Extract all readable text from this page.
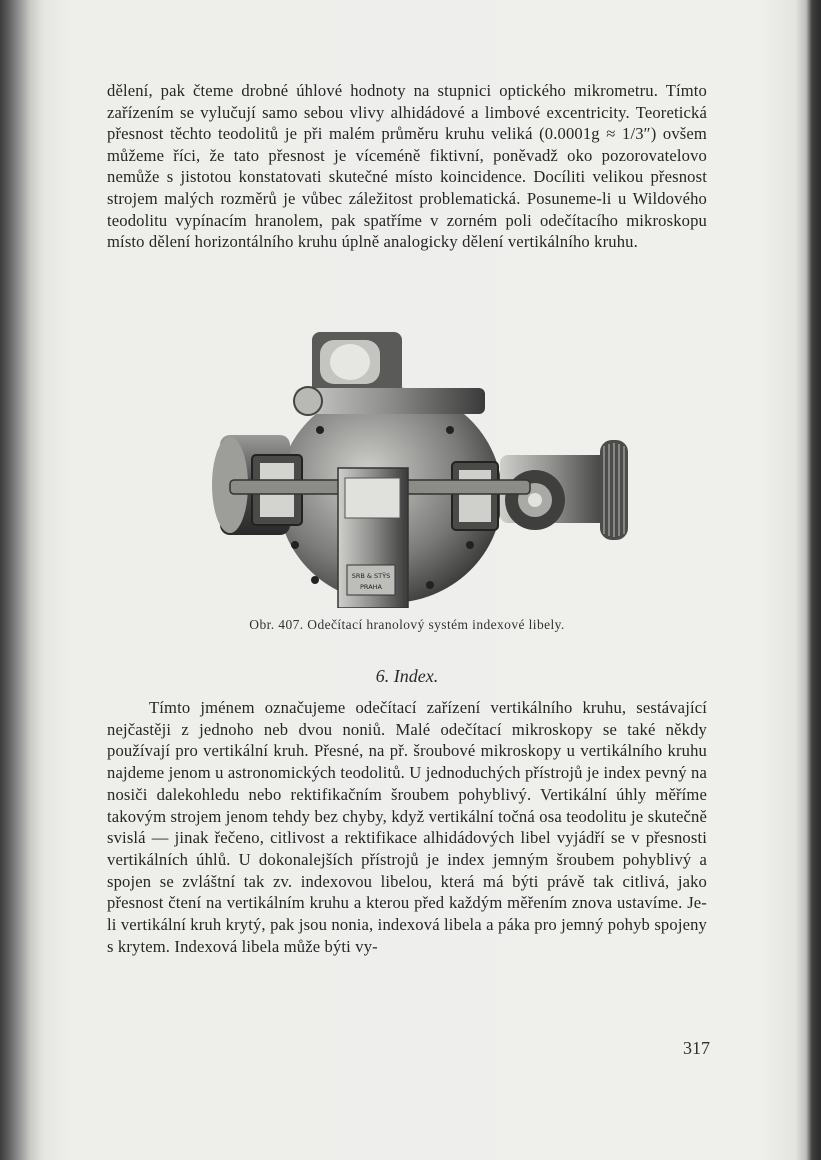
dělení, pak čteme drobné úhlové hodnoty na stupnici optického mikrometru. Tímto zařízením se vylučují samo sebou vlivy alhidádové a limbové excentricity. Teoretická přesnost těchto teodolitů je při malém průměru kruhu veliká (0.0001g ≈ 1/3″) ovšem můžeme říci, že tato přesnost je víceméně fiktivní, poněvadž oko pozorovatelovo nemůže s jistotou konstatovati skutečné místo koincidence. Docíliti velikou přesnost strojem malých rozměrů je vůbec záležitost problematická. Posuneme-li u Wildového teodolitu vypínacím hranolem, pak spatříme v zorném poli odečítacího mikroskopu místo dělení horizontálního kruhu úplně analogicky dělení vertikálního kruhu.

SRB & STŸS
PRAHA
Obr. 407. Odečítací hranolový systém indexové libely.
6. Index.

Tímto jménem označujeme odečítací zařízení vertikálního kruhu, sestávající nejčastěji z jednoho neb dvou noniů. Malé odečítací mikroskopy se také někdy používají pro vertikální kruh. Přesné, na př. šroubové mikroskopy u vertikálního kruhu najdeme jenom u astronomických teodolitů. U jednoduchých přístrojů je index pevný na nosiči dalekohledu nebo rektifikačním šroubem pohyblivý. Vertikální úhly měříme takovým strojem jenom tehdy bez chyby, když vertikální točná osa teodolitu je skutečně svislá — jinak řečeno, citlivost a rektifikace alhidádových libel vyjádří se v přesnosti vertikálních úhlů. U dokonalejších přístrojů je index jemným šroubem pohyblivý a spojen se zvláštní tak zv. indexovou libelou, která má býti právě tak citlivá, jako přesnost čtení na vertikálním kruhu a kterou před každým měřením znova ustavíme. Je-li vertikální kruh krytý, pak jsou nonia, indexová libela a páka pro jemný pohyb spojeny s krytem. Indexová libela může býti vy-

317
